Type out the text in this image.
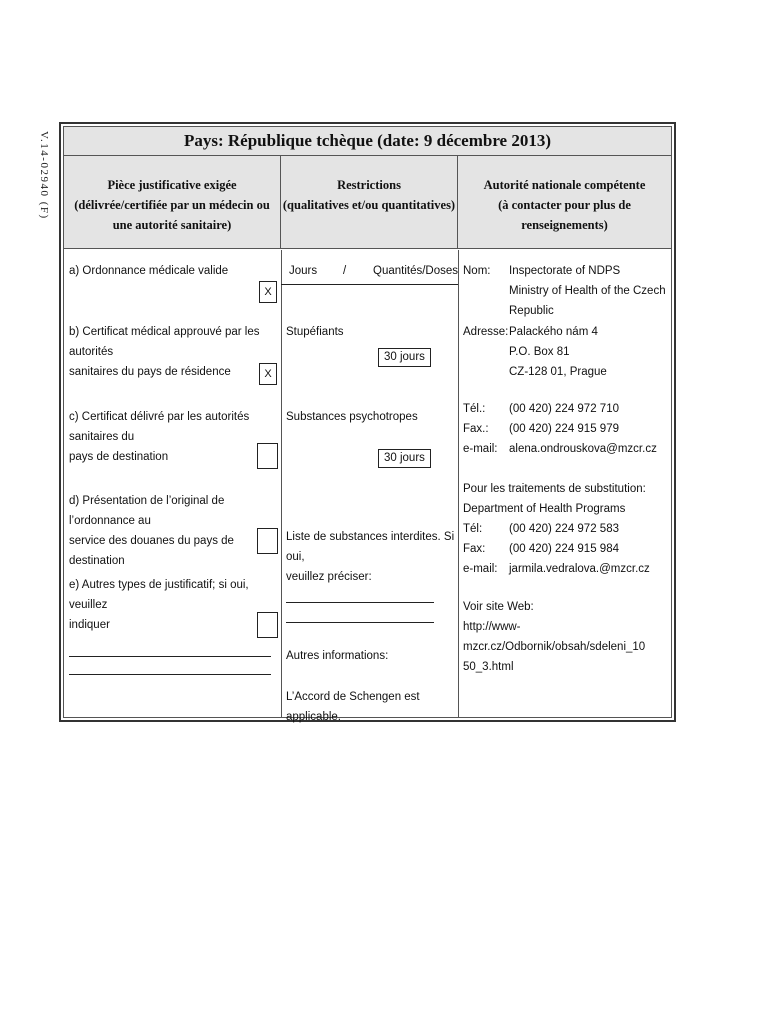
V.14-02940 (F)	Pays: République tchèque (date: 9 décembre 2013)
Pièce justificative exigée
(délivrée/certifiée par un médecin ou
une autorité sanitaire)
Restrictions
(qualitatives et/ou quantitatives)
Autorité nationale compétente
(à contacter pour plus de renseignements)
a) Ordonnance médicale valide
X
b) Certificat médical approuvé par les autorités
sanitaires du pays de résidence	X
c) Certificat délivré par les autorités sanitaires du
pays de destination
d) Présentation de l’original de l’ordonnance au
service des douanes du pays de destination
e) Autres types de justificatif; si oui, veuillez
indiquer
Jours / Quantités/Doses
Stupéfiants
30 jours
Substances psychotropes
30 jours
Liste de substances interdites. Si oui,
veuillez préciser:
Autres informations:
L’Accord de Schengen est applicable.
Nom: Inspectorate of NDPS
Ministry of Health of the Czech Republic
Adresse: Palackého nám 4
P.O. Box 81
CZ-128 01, Prague
Tél.: (00 420) 224 972 710
Fax.: (00 420) 224 915 979
e-mail: alena.ondrouskova@mzcr.cz
Pour les traitements de substitution:
Department of Health Programs
Tél: (00 420) 224 972 583
Fax: (00 420) 224 915 984
e-mail: jarmila.vedralova.@mzcr.cz
Voir site Web:
http://www-mzcr.cz/Odbornik/obsah/sdeleni_10
50_3.html
